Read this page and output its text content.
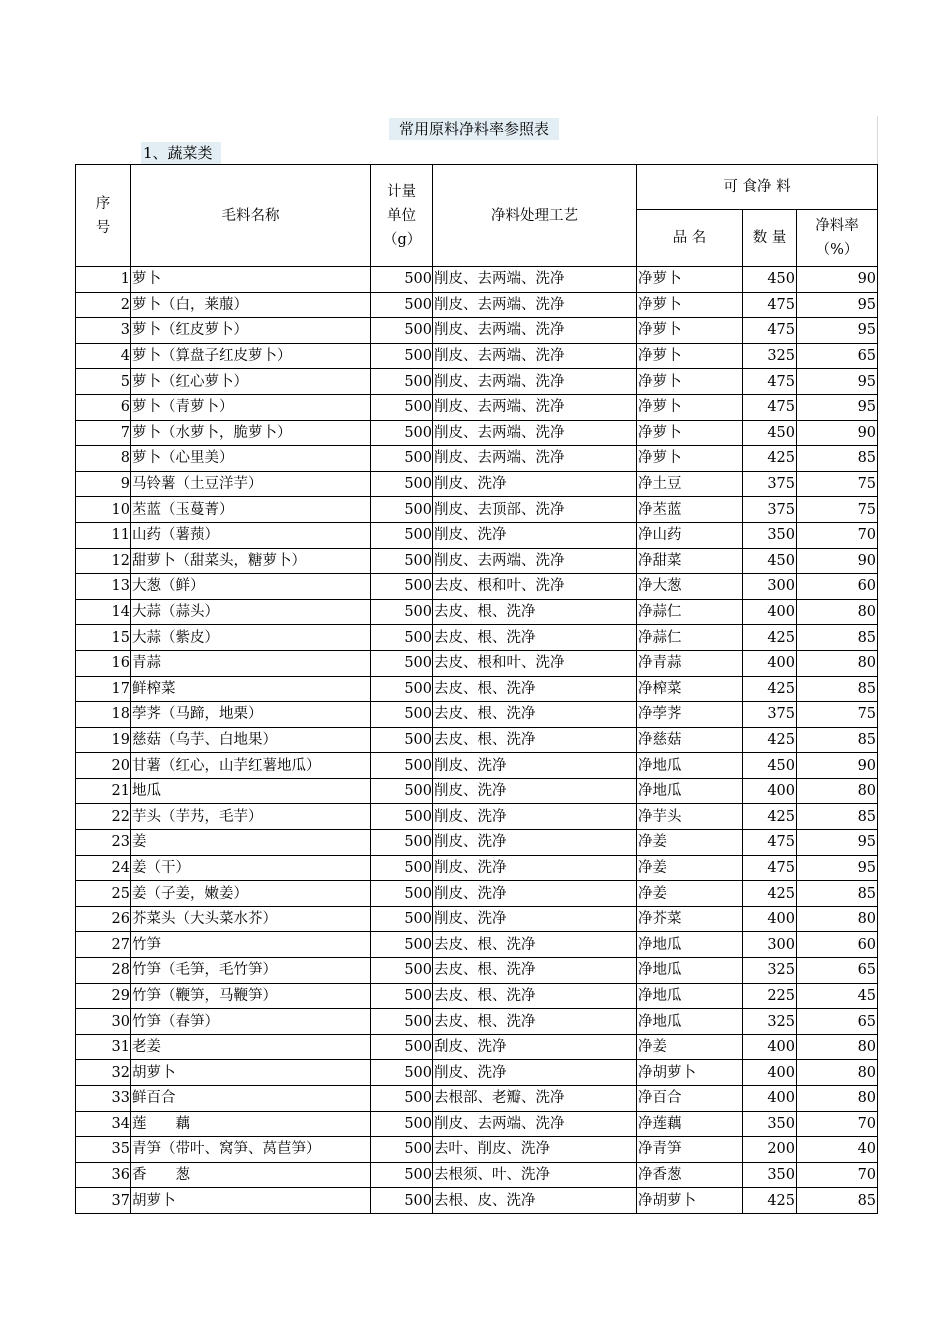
常用原料净料率参照表
1、蔬菜类
序号	毛料名称	计量单位（g）	净料处理工艺	可 食净 料		
				品 名	数 量	净料率（%）
1	萝卜	500	削皮、去两端、洗净	净萝卜	450	90
2	萝卜（白，莱菔）	500	削皮、去两端、洗净	净萝卜	475	95
3	萝卜（红皮萝卜）	500	削皮、去两端、洗净	净萝卜	475	95
4	萝卜（算盘子红皮萝卜）	500	削皮、去两端、洗净	净萝卜	325	65
5	萝卜（红心萝卜）	500	削皮、去两端、洗净	净萝卜	475	95
6	萝卜（青萝卜）	500	削皮、去两端、洗净	净萝卜	475	95
7	萝卜（水萝卜，脆萝卜）	500	削皮、去两端、洗净	净萝卜	450	90
8	萝卜（心里美）	500	削皮、去两端、洗净	净萝卜	425	85
9	马铃薯（土豆洋芋）	500	削皮、洗净	净土豆	375	75
10	苤蓝（玉蔓菁）	500	削皮、去顶部、洗净	净苤蓝	375	75
11	山药（薯蓣）	500	削皮、洗净	净山药	350	70
12	甜萝卜（甜菜头，糖萝卜）	500	削皮、去两端、洗净	净甜菜	450	90
13	大葱（鲜）	500	去皮、根和叶、洗净	净大葱	300	60
14	大蒜（蒜头）	500	去皮、根、洗净	净蒜仁	400	80
15	大蒜（紫皮）	500	去皮、根、洗净	净蒜仁	425	85
16	青蒜	500	去皮、根和叶、洗净	净青蒜	400	80
17	鲜榨菜	500	去皮、根、洗净	净榨菜	425	85
18	荸荠（马蹄，地栗）	500	去皮、根、洗净	净荸荠	375	75
19	慈菇（乌芋、白地果）	500	去皮、根、洗净	净慈菇	425	85
20	甘薯（红心，山芋红薯地瓜）	500	削皮、洗净	净地瓜	450	90
21	地瓜	500	削皮、洗净	净地瓜	400	80
22	芋头（芋艿，毛芋）	500	削皮、洗净	净芋头	425	85
23	姜	500	削皮、洗净	净姜	475	95
24	姜（干）	500	削皮、洗净	净姜	475	95
25	姜（子姜，嫩姜）	500	削皮、洗净	净姜	425	85
26	芥菜头（大头菜水芥）	500	削皮、洗净	净芥菜	400	80
27	竹笋	500	去皮、根、洗净	净地瓜	300	60
28	竹笋（毛笋，毛竹笋）	500	去皮、根、洗净	净地瓜	325	65
29	竹笋（鞭笋，马鞭笋）	500	去皮、根、洗净	净地瓜	225	45
30	竹笋（春笋）	500	去皮、根、洗净	净地瓜	325	65
31	老姜	500	刮皮、洗净	净姜	400	80
32	胡萝卜	500	削皮、洗净	净胡萝卜	400	80
33	鲜百合	500	去根部、老瓣、洗净	净百合	400	80
34	莲　　藕	500	削皮、去两端、洗净	净莲藕	350	70
35	青笋（带叶、窝笋、莴苣笋）	500	去叶、削皮、洗净	净青笋	200	40
36	香　　葱	500	去根须、叶、洗净	净香葱	350	70
37	胡萝卜	500	去根、皮、洗净	净胡萝卜	425	85
